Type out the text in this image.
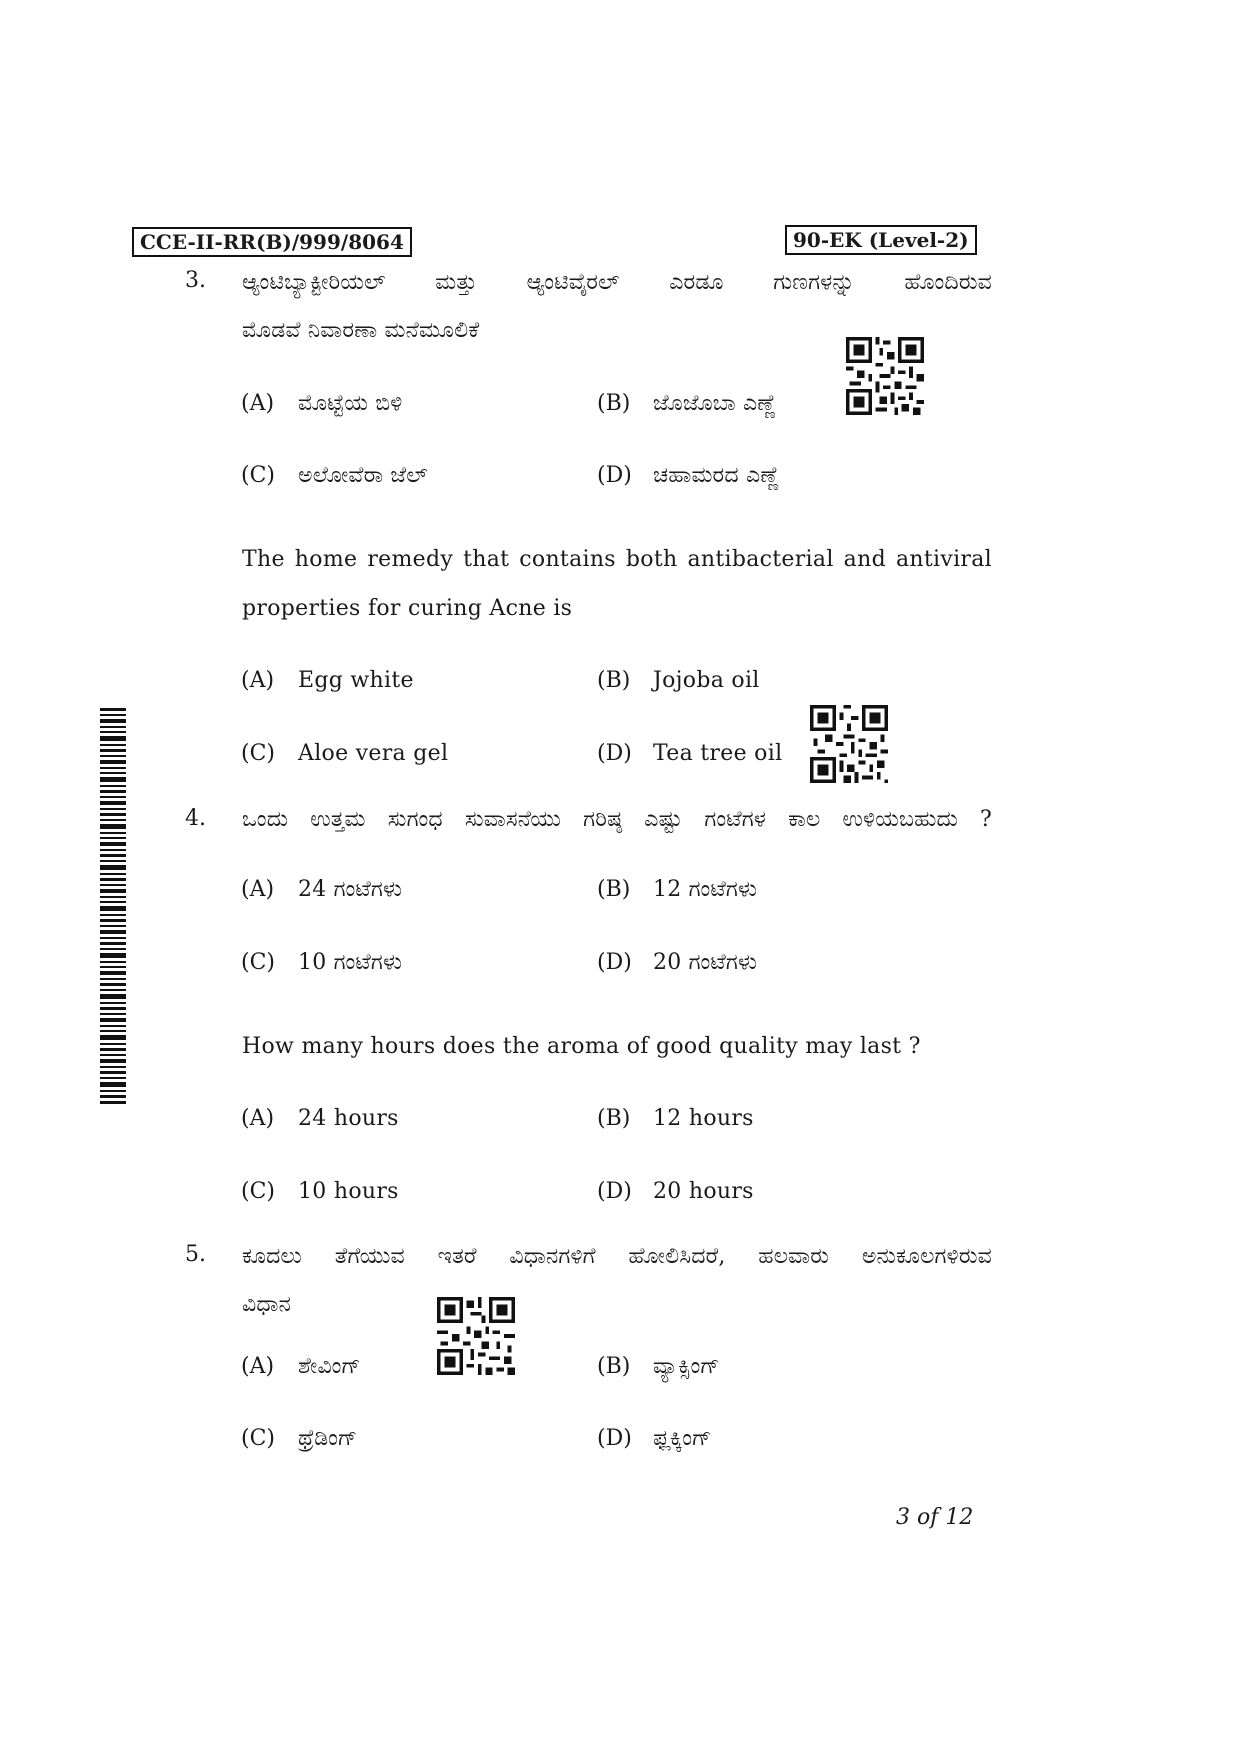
CCE-II-RR(B)/999/8064	90-EK (Level-2)
3. ಆ್ಯಂಟಿಬ್ಯಾಕ್ಟೀರಿಯಲ್ ಮತ್ತು ಆ್ಯಂಟಿವೈರಲ್ ಎರಡೂ ಗುಣಗಳನ್ನು ಹೊಂದಿರುವ
ಮೊಡವೆ ನಿವಾರಣಾ ಮನೆಮೂಲಿಕೆ
(A) ಮೊಟ್ಟೆಯ ಬಿಳಿ	(B) ಜೊಜೊಬಾ ಎಣ್ಣೆ
(C) ಅಲೋವೆರಾ ಜೆಲ್	(D) ಚಹಾಮರದ ಎಣ್ಣೆ
The home remedy that contains both antibacterial and antiviral
properties for curing Acne is
(A) Egg white	(B) Jojoba oil
(C) Aloe vera gel	(D) Tea tree oil
4. ಒಂದು ಉತ್ತಮ ಸುಗಂಧ ಸುವಾಸನೆಯು ಗರಿಷ್ಠ ಎಷ್ಟು ಗಂಟೆಗಳ ಕಾಲ ಉಳಿಯಬಹುದು ?
(A) 24 ಗಂಟೆಗಳು	(B) 12 ಗಂಟೆಗಳು
(C) 10 ಗಂಟೆಗಳು	(D) 20 ಗಂಟೆಗಳು
How many hours does the aroma of good quality may last ?
(A) 24 hours	(B) 12 hours
(C) 10 hours	(D) 20 hours
5. ಕೂದಲು ತೆಗೆಯುವ ಇತರೆ ವಿಧಾನಗಳಿಗೆ ಹೋಲಿಸಿದರೆ, ಹಲವಾರು ಅನುಕೂಲಗಳಿರುವ
ವಿಧಾನ
(A) ಶೇವಿಂಗ್	(B) ವ್ಯಾಕ್ಸಿಂಗ್
(C) ಥ್ರೆಡಿಂಗ್	(D) ಫ್ಲಕ್ಕಿಂಗ್
3 of 12
